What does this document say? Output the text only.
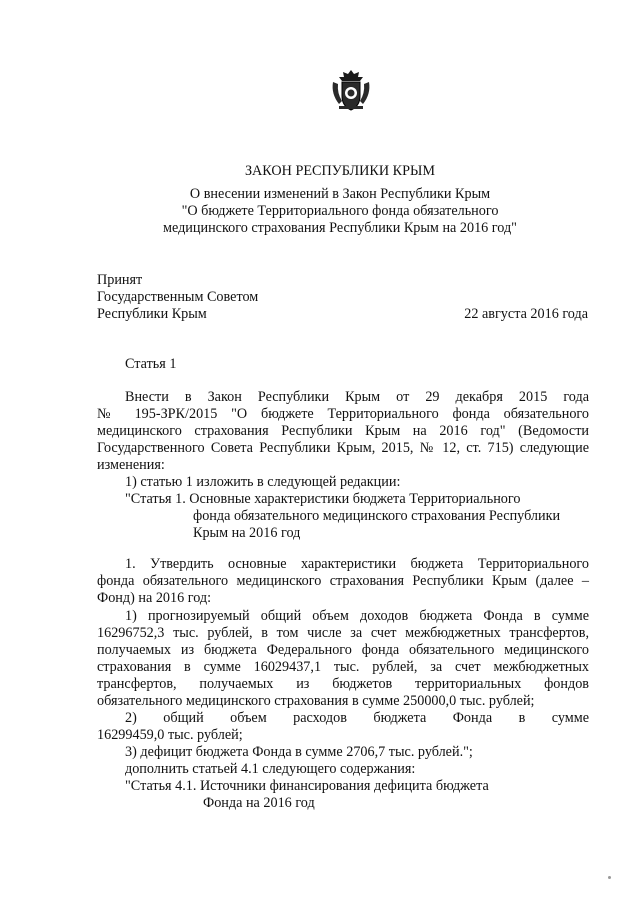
ЗАКОН РЕСПУБЛИКИ КРЫМ
О внесении изменений в Закон Республики Крым
"О бюджете Территориального фонда обязательного
медицинского страхования Республики Крым на 2016 год"
Принят
Государственным Советом
Республики Крым	22 августа 2016 года
Статья 1
Внести в Закон Республики Крым от 29 декабря 2015 года
№ 195-ЗРК/2015 "О бюджете Территориального фонда обязательного
медицинского страхования Республики Крым на 2016 год" (Ведомости
Государственного Совета Республики Крым, 2015, № 12, ст. 715) следующие
изменения:
1) статью 1 изложить в следующей редакции:
"Статья 1. Основные характеристики бюджета Территориального
фонда обязательного медицинского страхования Республики
Крым на 2016 год
1. Утвердить основные характеристики бюджета Территориального
фонда обязательного медицинского страхования Республики Крым (далее –
Фонд) на 2016 год:
1) прогнозируемый общий объем доходов бюджета Фонда в сумме
16296752,3 тыс. рублей, в том числе за счет межбюджетных трансфертов,
получаемых из бюджета Федерального фонда обязательного медицинского
страхования в сумме 16029437,1 тыс. рублей, за счет межбюджетных
трансфертов, получаемых из бюджетов территориальных фондов
обязательного медицинского страхования в сумме 250000,0 тыс. рублей;
2) общий объем расходов бюджета Фонда в сумме
16299459,0 тыс. рублей;
3) дефицит бюджета Фонда в сумме 2706,7 тыс. рублей.";
дополнить статьей 4.1 следующего содержания:
"Статья 4.1. Источники финансирования дефицита бюджета
Фонда на 2016 год
